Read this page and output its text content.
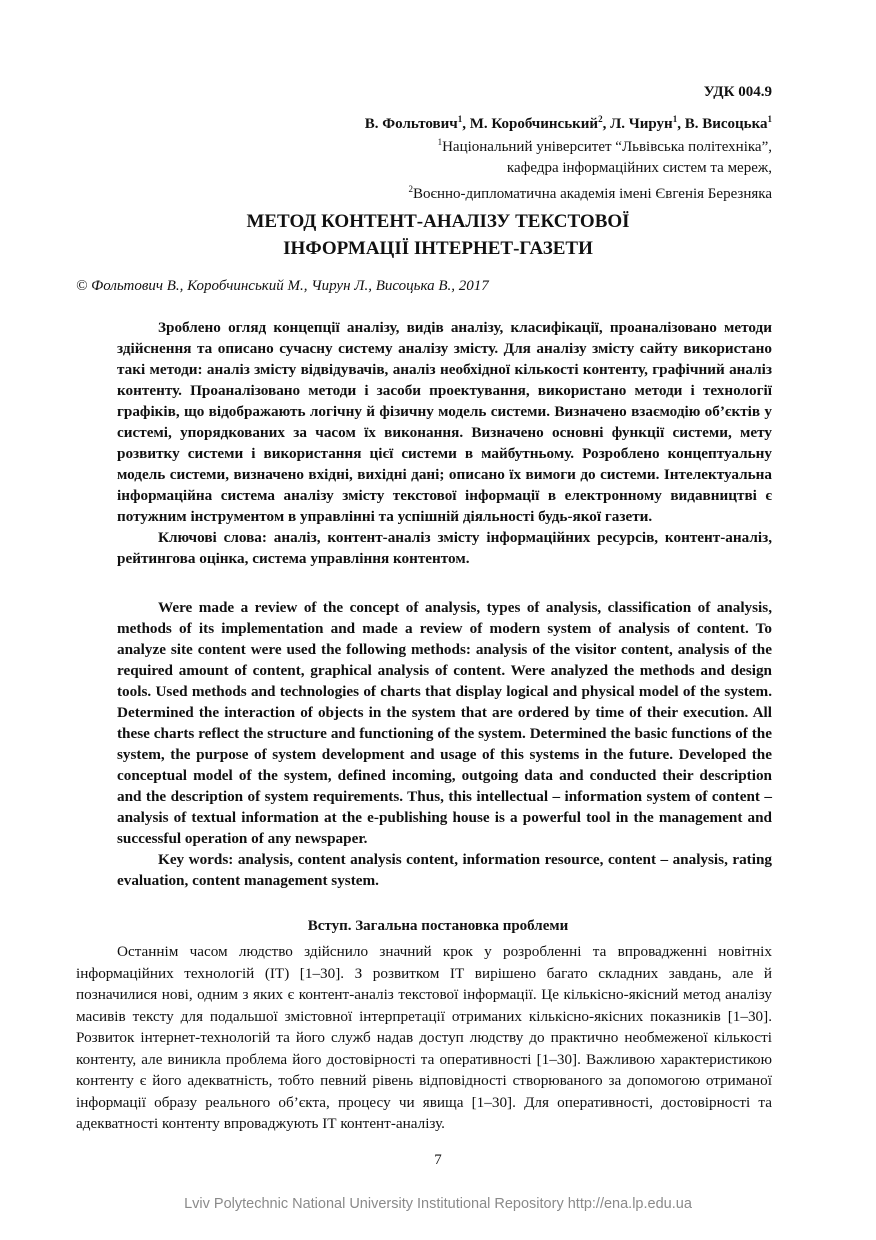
УДК 004.9
В. Фольтович$^1$, М. Коробчинський$^2$, Л. Чирун$^1$, В. Висоцька$^1$
$^1$Національний університет “Львівська політехніка”,
кафедра інформаційних систем та мереж,
$^2$Воєнно-дипломатична академія імені Євгенія Березняка
МЕТОД КОНТЕНТ-АНАЛІЗУ ТЕКСТОВОЇ
ІНФОРМАЦІЇ ІНТЕРНЕТ-ГАЗЕТИ
© Фольтович В., Коробчинський М., Чирун Л., Висоцька В., 2017

Зроблено огляд концепції аналізу, видів аналізу, класифікації, проаналізовано методи здійснення та описано сучасну систему аналізу змісту. Для аналізу змісту сайту використано такі методи: аналіз змісту відвідувачів, аналіз необхідної кількості контенту, графічний аналіз контенту. Проаналізовано методи і засоби проектування, використано методи і технології графіків, що відображають логічну й фізичну модель системи. Визначено взаємодію об’єктів у системі, упорядкованих за часом їх виконання. Визначено основні функції системи, мету розвитку системи і використання цієї системи в майбутньому. Розроблено концептуальну модель системи, визначено вхідні, вихідні дані; описано їх вимоги до системи. Інтелектуальна інформаційна система аналізу змісту текстової інформації в електронному видавництві є потужним інструментом в управлінні та успішній діяльності будь-якої газети.

Ключові слова: аналіз, контент-аналіз змісту інформаційних ресурсів, контент-аналіз, рейтингова оцінка, система управління контентом.

Were made a review of the concept of analysis, types of analysis, classification of analysis, methods of its implementation and made a review of modern system of analysis of content. To analyze site content were used the following methods: analysis of the visitor content, analysis of the required amount of content, graphical analysis of content. Were analyzed the methods and design tools. Used methods and technologies of charts that display logical and physical model of the system. Determined the interaction of objects in the system that are ordered by time of their execution. All these charts reflect the structure and functioning of the system. Determined the basic functions of the system, the purpose of system development and usage of this systems in the future. Developed the conceptual model of the system, defined incoming, outgoing data and conducted their description and the description of system requirements. Thus, this intellectual – information system of content – analysis of textual information at the e-publishing house is a powerful tool in the management and successful operation of any newspaper.

Key words: analysis, content analysis content, information resource, content – analysis, rating evaluation, content management system.

Вступ. Загальна постановка проблеми

Останнім часом людство здійснило значний крок у розробленні та впровадженні новітніх інформаційних технологій (ІТ) [1–30]. З розвитком ІТ вирішено багато складних завдань, але й позначилися нові, одним з яких є контент-аналіз текстової інформації. Це кількісно-якісний метод аналізу масивів тексту для подальшої змістовної інтерпретації отриманих кількісно-якісних показників [1–30]. Розвиток інтернет-технологій та його служб надав доступ людству до практично необмеженої кількості контенту, але виникла проблема його достовірності та оперативності [1–30]. Важливою характеристикою контенту є його адекватність, тобто певний рівень відповідності створюваного за допомогою отриманої інформації образу реального об’єкта, процесу чи явища [1–30]. Для оперативності, достовірності та адекватності контенту впроваджують ІТ контент-аналізу.

7
Lviv Polytechnic National University Institutional Repository http://ena.lp.edu.ua
